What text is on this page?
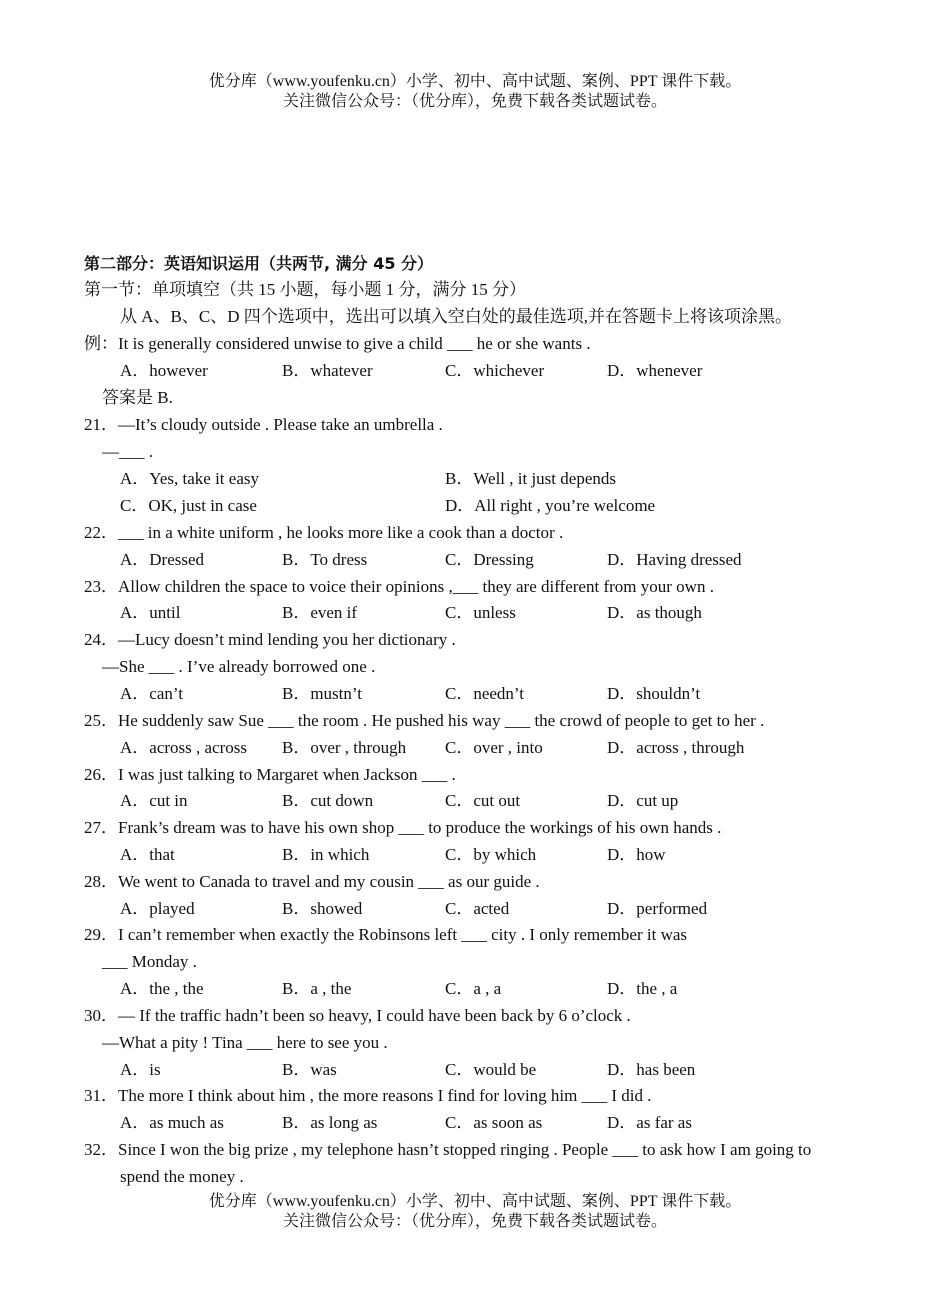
优分库（www.youfenku.cn）小学、初中、高中试题、案例、PPT 课件下载。
关注微信公众号：（优分库），免费下载各类试题试卷。
第二部分：英语知识运用（共两节, 满分 45 分）
第一节：单项填空（共 15 小题，每小题 1 分，满分 15 分）
从 A、B、C、D 四个选项中，选出可以填入空白处的最佳选项,并在答题卡上将该项涂黑。
例：It is generally considered unwise to give a child ___ he or she wants .
A．however	B．whatever	C．whichever	D．whenever
答案是 B.
21．—It’s cloudy outside . Please take an umbrella .
—___ .
A．Yes, take it easy	B．Well , it just depends
C．OK, just in case	D．All right , you’re welcome
22．___ in a white uniform , he looks more like a cook than a doctor .
A．Dressed	B．To dress	C．Dressing	D．Having dressed
23．Allow children the space to voice their opinions ,___ they are different from your own .
A．until	B．even if	C．unless	D．as though
24．—Lucy doesn’t mind lending you her dictionary .
—She ___ . I’ve already borrowed one .
A．can’t	B．mustn’t	C．needn’t	D．shouldn’t
25．He suddenly saw Sue ___ the room . He pushed his way ___ the crowd of people to get to her .
A．across , across B．over , through C．over , into	D．across , through
26．I was just talking to Margaret when Jackson ___ .
A．cut in	B．cut down	C．cut out	D．cut up
27．Frank’s dream was to have his own shop ___ to produce the workings of his own hands .
A．that	B．in which	C．by which	D．how
28．We went to Canada to travel and my cousin ___ as our guide .
A．played	B．showed	C．acted	D．performed
29．I can’t remember when exactly the Robinsons left ___ city . I only remember it was
___ Monday .
A．the , the	B．a , the	C．a , a	D．the , a
30．— If the traffic hadn’t been so heavy, I could have been back by 6 o’clock .
—What a pity ! Tina ___ here to see you .
A．is	B．was	C．would be	D．has been
31．The more I think about him , the more reasons I find for loving him ___ I did .
A．as much as	B．as long as	C．as soon as	D．as far as
32．Since I won the big prize , my telephone hasn’t stopped ringing . People ___ to ask how I am going to
spend the money .
优分库（www.youfenku.cn）小学、初中、高中试题、案例、PPT 课件下载。
关注微信公众号：（优分库），免费下载各类试题试卷。
